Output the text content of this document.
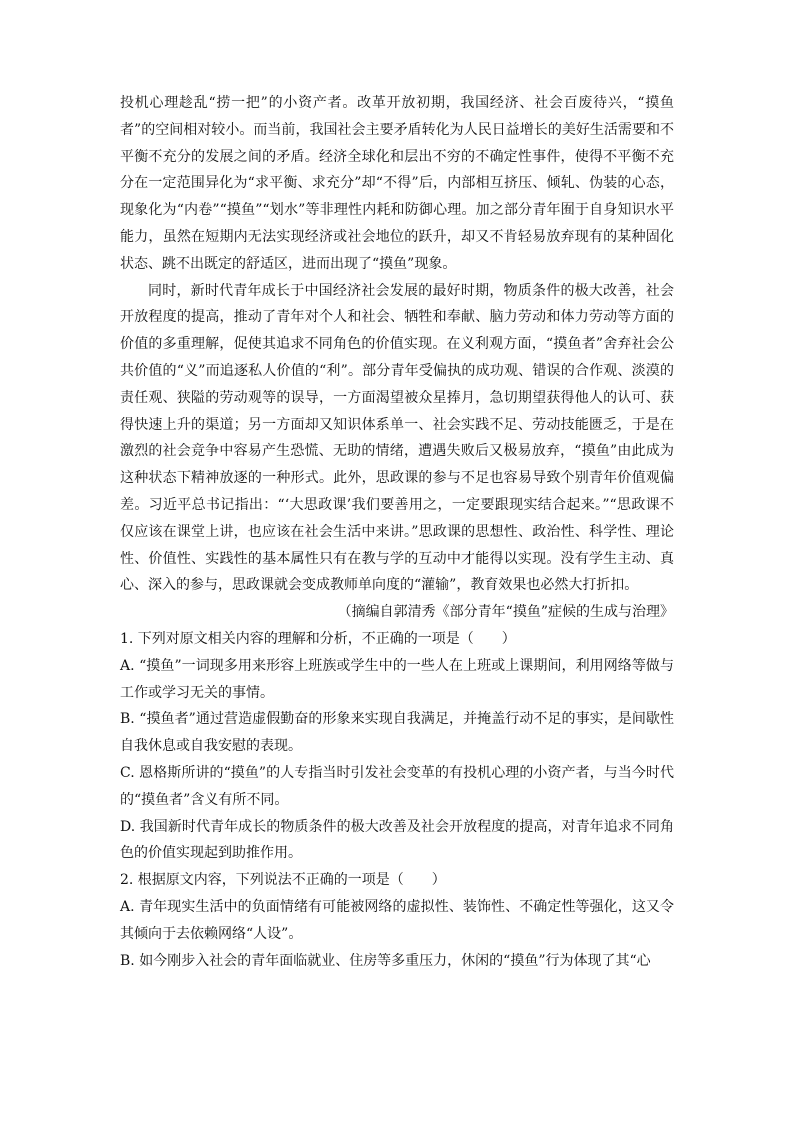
投机心理趁乱“捞一把”的小资产者。改革开放初期，我国经济、社会百废待兴，“摸鱼者”的空间相对较小。而当前，我国社会主要矛盾转化为人民日益增长的美好生活需要和不平衡不充分的发展之间的矛盾。经济全球化和层出不穷的不确定性事件，使得不平衡不充分在一定范围异化为“求平衡、求充分”却“不得”后，内部相互挤压、倾轧、伪装的心态，现象化为“内卷”“摸鱼”“划水”等非理性内耗和防御心理。加之部分青年囿于自身知识水平能力，虽然在短期内无法实现经济或社会地位的跃升，却又不肯轻易放弃现有的某种固化状态、跳不出既定的舒适区，进而出现了“摸鱼”现象。

同时，新时代青年成长于中国经济社会发展的最好时期，物质条件的极大改善，社会开放程度的提高，推动了青年对个人和社会、牺牲和奉献、脑力劳动和体力劳动等方面的价值的多重理解，促使其追求不同角色的价值实现。在义利观方面，“摸鱼者”舍弃社会公共价值的“义”而追逐私人价值的“利”。部分青年受偏执的成功观、错误的合作观、淡漠的责任观、狭隘的劳动观等的误导，一方面渴望被众星捧月，急切期望获得他人的认可、获得快速上升的渠道；另一方面却又知识体系单一、社会实践不足、劳动技能匮乏，于是在激烈的社会竞争中容易产生恐慌、无助的情绪，遭遇失败后又极易放弃，“摸鱼”由此成为这种状态下精神放逐的一种形式。此外，思政课的参与不足也容易导致个别青年价值观偏差。习近平总书记指出：“‘大思政课’我们要善用之，一定要跟现实结合起来。”“思政课不仅应该在课堂上讲，也应该在社会生活中来讲。”思政课的思想性、政治性、科学性、理论性、价值性、实践性的基本属性只有在教与学的互动中才能得以实现。没有学生主动、真心、深入的参与，思政课就会变成教师单向度的“灌输”，教育效果也必然大打折扣。

（摘编自郭清秀《部分青年“摸鱼”症候的生成与治理》

1. 下列对原文相关内容的理解和分析，不正确的一项是（　　）

A. “摸鱼”一词现多用来形容上班族或学生中的一些人在上班或上课期间，利用网络等做与工作或学习无关的事情。

B. “摸鱼者”通过营造虚假勤奋的形象来实现自我满足，并掩盖行动不足的事实，是间歇性自我休息或自我安慰的表现。

C. 恩格斯所讲的“摸鱼”的人专指当时引发社会变革的有投机心理的小资产者，与当今时代的“摸鱼者”含义有所不同。

D. 我国新时代青年成长的物质条件的极大改善及社会开放程度的提高，对青年追求不同角色的价值实现起到助推作用。

2. 根据原文内容，下列说法不正确的一项是（　　）

A. 青年现实生活中的负面情绪有可能被网络的虚拟性、装饰性、不确定性等强化，这又令其倾向于去依赖网络“人设”。

B. 如今刚步入社会的青年面临就业、住房等多重压力，休闲的“摸鱼”行为体现了其“心
